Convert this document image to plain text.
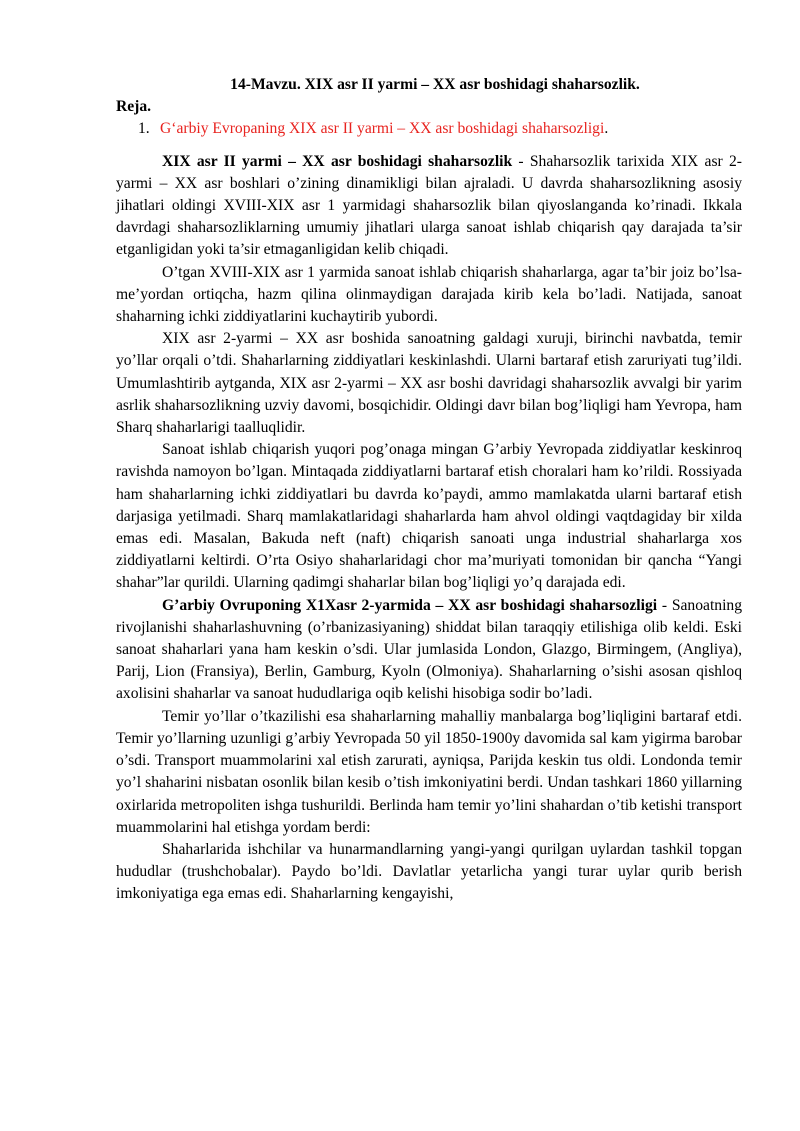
14-Mavzu. XIX asr II yarmi – XX asr boshidagi shaharsozlik.

Reja.

1. G‘arbiy Evropaning XIX asr II yarmi – XX asr boshidagi shaharsozligi.

XIX asr II yarmi – XX asr boshidagi shaharsozlik - Shaharsozlik tarixida XIX asr 2-yarmi – XX asr boshlari o’zining dinamikligi bilan ajraladi. U davrda shaharsozlikning asosiy jihatlari oldingi XVIII-XIX asr 1 yarmidagi shaharsozlik bilan qiyoslanganda ko’rinadi. Ikkala davrdagi shaharsozliklarning umumiy jihatlari ularga sanoat ishlab chiqarish qay darajada ta’sir etganligidan yoki ta’sir etmaganligidan kelib chiqadi.

O’tgan XVIII-XIX asr 1 yarmida sanoat ishlab chiqarish shaharlarga, agar ta’bir joiz bo’lsa-me’yordan ortiqcha, hazm qilina olinmaydigan darajada kirib kela bo’ladi. Natijada, sanoat shaharning ichki ziddiyatlarini kuchaytirib yubordi.

XIX asr 2-yarmi – XX asr boshida sanoatning galdagi xuruji, birinchi navbatda, temir yo’llar orqali o’tdi. Shaharlarning ziddiyatlari keskinlashdi. Ularni bartaraf etish zaruriyati tug’ildi. Umumlashtirib aytganda, XIX asr 2-yarmi – XX asr boshi davridagi shaharsozlik avvalgi bir yarim asrlik shaharsozlikning uzviy davomi, bosqichidir. Oldingi davr bilan bog’liqligi ham Yevropa, ham Sharq shaharlarigi taalluqlidir.

Sanoat ishlab chiqarish yuqori pog’onaga mingan G’arbiy Yevropada ziddiyatlar keskinroq ravishda namoyon bo’lgan. Mintaqada ziddiyatlarni bartaraf etish choralari ham ko’rildi. Rossiyada ham shaharlarning ichki ziddiyatlari bu davrda ko’paydi, ammo mamlakatda ularni bartaraf etish darjasiga yetilmadi. Sharq mamlakatlaridagi shaharlarda ham ahvol oldingi vaqtdagiday bir xilda emas edi. Masalan, Bakuda neft (naft) chiqarish sanoati unga industrial shaharlarga xos ziddiyatlarni keltirdi. O’rta Osiyo shaharlaridagi chor ma’muriyati tomonidan bir qancha “Yangi shahar”lar qurildi. Ularning qadimgi shaharlar bilan bog’liqligi yo’q darajada edi.

G’arbiy Ovruponing X1Xasr 2-yarmida – XX asr boshidagi shaharsozligi - Sanoatning rivojlanishi shaharlashuvning (o’rbanizasiyaning) shiddat bilan taraqqiy etilishiga olib keldi. Eski sanoat shaharlari yana ham keskin o’sdi. Ular jumlasida London, Glazgo, Birmingem, (Angliya), Parij, Lion (Fransiya), Berlin, Gamburg, Kyoln (Olmoniya). Shaharlarning o’sishi asosan qishloq axolisini shaharlar va sanoat hududlariga oqib kelishi hisobiga sodir bo’ladi.

Temir yo’llar o’tkazilishi esa shaharlarning mahalliy manbalarga bog’liqligini bartaraf etdi. Temir yo’llarning uzunligi g’arbiy Yevropada 50 yil 1850-1900y davomida sal kam yigirma barobar o’sdi. Transport muammolarini xal etish zarurati, ayniqsa, Parijda keskin tus oldi. Londonda temir yo’l shaharini nisbatan osonlik bilan kesib o’tish imkoniyatini berdi. Undan tashkari 1860 yillarning oxirlarida metropoliten ishga tushurildi. Berlinda ham temir yo’lini shahardan o’tib ketishi transport muammolarini hal etishga yordam berdi:

Shaharlarida ishchilar va hunarmandlarning yangi-yangi qurilgan uylardan tashkil topgan hududlar (trushchobalar). Paydo bo’ldi. Davlatlar yetarlicha yangi turar uylar qurib berish imkoniyatiga ega emas edi. Shaharlarning kengayishi,
